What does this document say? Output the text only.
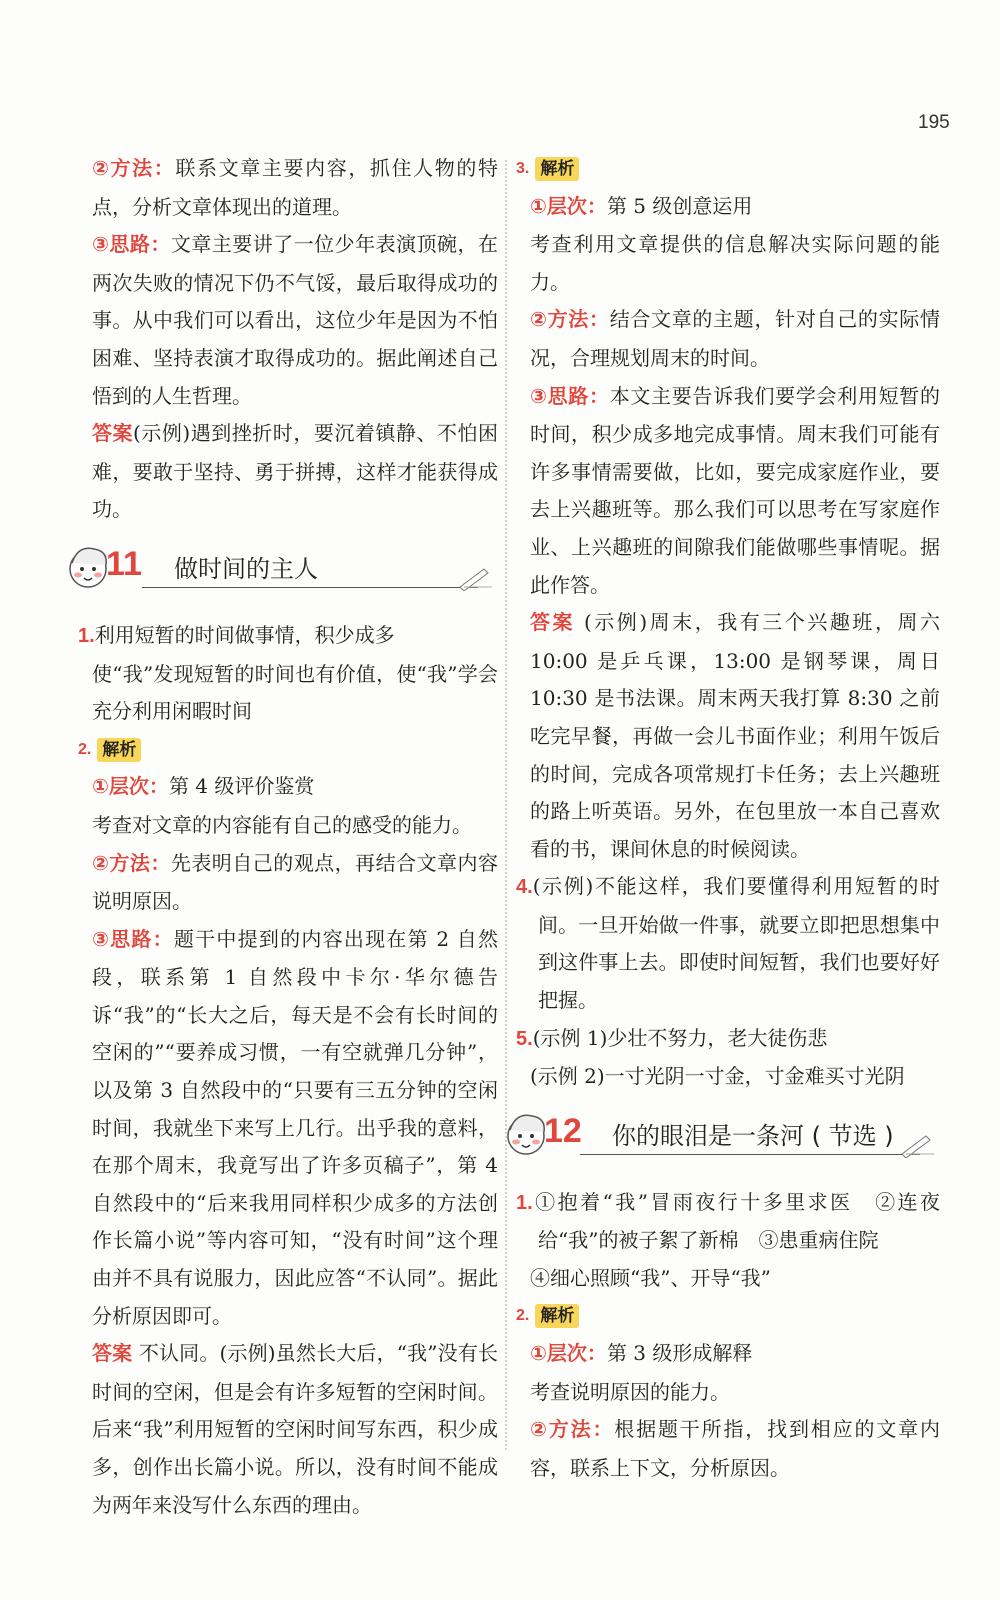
195

②方法：联系文章主要内容，抓住人物的特点，分析文章体现出的道理。

③思路：文章主要讲了一位少年表演顶碗，在两次失败的情况下仍不气馁，最后取得成功的事。从中我们可以看出，这位少年是因为不怕困难、坚持表演才取得成功的。据此阐述自己悟到的人生哲理。

答案(示例)遇到挫折时，要沉着镇静、不怕困难，要敢于坚持、勇于拼搏，这样才能获得成功。

11 做时间的主人

1.利用短暂的时间做事情，积少成多

使“我”发现短暂的时间也有价值，使“我”学会充分利用闲暇时间

2. 解析

①层次：第 4 级评价鉴赏

考查对文章的内容能有自己的感受的能力。

②方法：先表明自己的观点，再结合文章内容说明原因。

③思路：题干中提到的内容出现在第 2 自然段，联系第 1 自然段中卡尔·华尔德告诉“我”的“长大之后，每天是不会有长时间的空闲的”“要养成习惯，一有空就弹几分钟”，以及第 3 自然段中的“只要有三五分钟的空闲时间，我就坐下来写上几行。出乎我的意料，在那个周末，我竟写出了许多页稿子”，第 4 自然段中的“后来我用同样积少成多的方法创作长篇小说”等内容可知，“没有时间”这个理由并不具有说服力，因此应答“不认同”。据此分析原因即可。

答案 不认同。(示例)虽然长大后，“我”没有长时间的空闲，但是会有许多短暂的空闲时间。后来“我”利用短暂的空闲时间写东西，积少成多，创作出长篇小说。所以，没有时间不能成为两年来没写什么东西的理由。

3. 解析

①层次：第 5 级创意运用

考查利用文章提供的信息解决实际问题的能力。

②方法：结合文章的主题，针对自己的实际情况，合理规划周末的时间。

③思路：本文主要告诉我们要学会利用短暂的时间，积少成多地完成事情。周末我们可能有许多事情需要做，比如，要完成家庭作业，要去上兴趣班等。那么我们可以思考在写家庭作业、上兴趣班的间隙我们能做哪些事情呢。据此作答。

答案 (示例)周末，我有三个兴趣班，周六 10:00 是乒乓课，13:00 是钢琴课，周日 10:30 是书法课。周末两天我打算 8:30 之前吃完早餐，再做一会儿书面作业；利用午饭后的时间，完成各项常规打卡任务；去上兴趣班的路上听英语。另外，在包里放一本自己喜欢看的书，课间休息的时候阅读。

4.(示例)不能这样，我们要懂得利用短暂的时间。一旦开始做一件事，就要立即把思想集中到这件事上去。即使时间短暂，我们也要好好把握。

5.(示例 1)少壮不努力，老大徒伤悲

(示例 2)一寸光阴一寸金，寸金难买寸光阴

12 你的眼泪是一条河 ( 节选 )

1.①抱着“我”冒雨夜行十多里求医　②连夜给“我”的被子絮了新棉　③患重病住院

④细心照顾“我”、开导“我”

2. 解析

①层次：第 3 级形成解释

考查说明原因的能力。

②方法：根据题干所指，找到相应的文章内容，联系上下文，分析原因。
